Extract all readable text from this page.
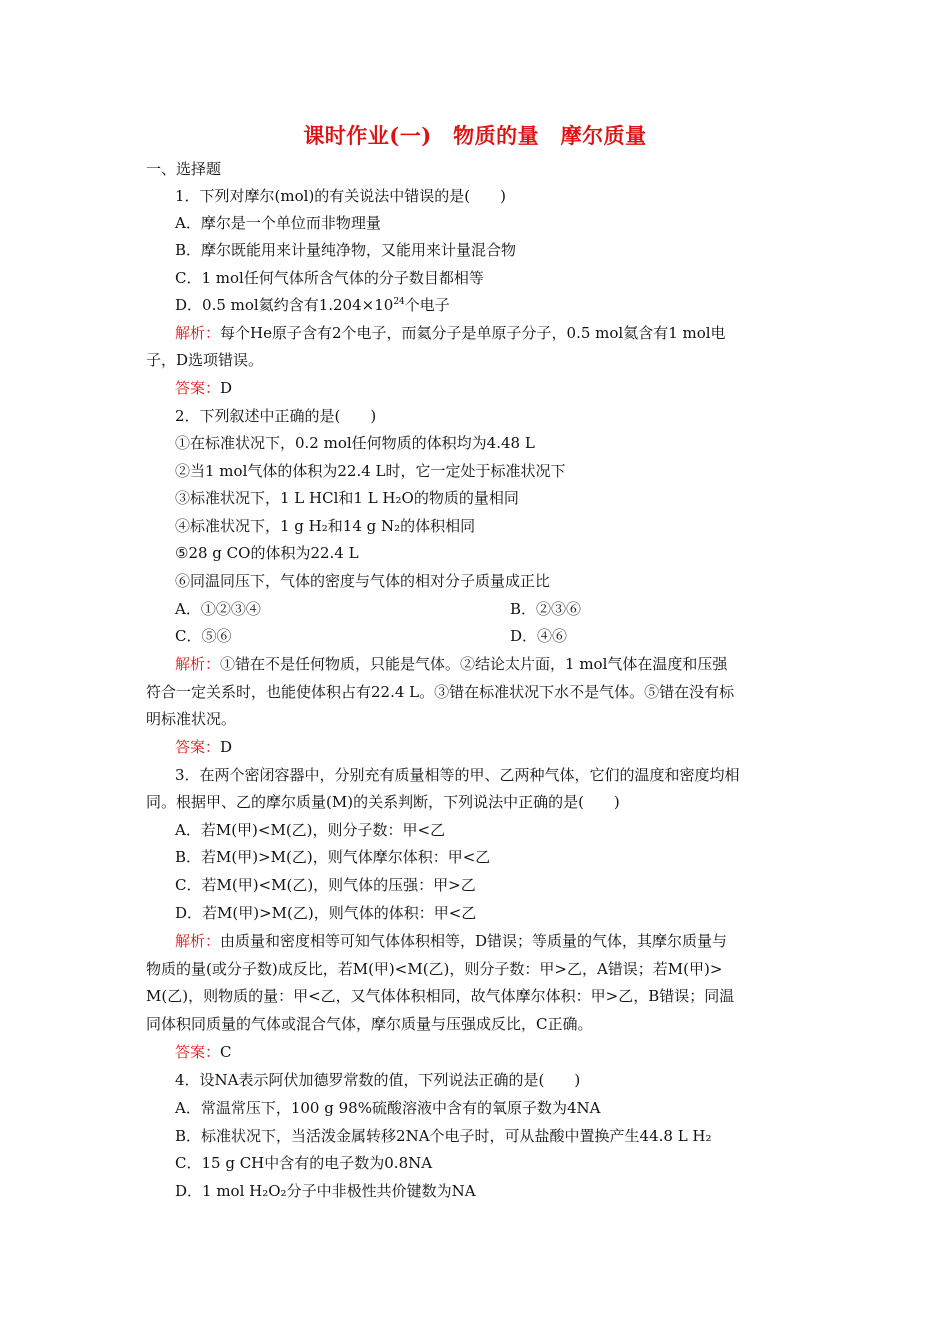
课时作业(一)　物质的量　摩尔质量
一、选择题
1．下列对摩尔(mol)的有关说法中错误的是(　　)
A．摩尔是一个单位而非物理量
B．摩尔既能用来计量纯净物，又能用来计量混合物
C．1 mol任何气体所含气体的分子数目都相等
D．0.5 mol氦约含有$1.204\times 10^{24}$个电子
解析：每个He原子含有2个电子，而氦分子是单原子分子，0.5 mol氦含有1 mol电
子，D选项错误。
答案：D
2．下列叙述中正确的是(　　)
①在标准状况下，0.2 mol任何物质的体积均为4.48 L
②当1 mol气体的体积为22.4 L时，它一定处于标准状况下
③标准状况下，1 L HCl和1 L H₂O的物质的量相同
④标准状况下，1 g H₂和14 g N₂的体积相同
⑤28 g CO的体积为22.4 L
⑥同温同压下，气体的密度与气体的相对分子质量成正比
A．①②③④	B．②③⑥
C．⑤⑥	D．④⑥
解析：①错在不是任何物质，只能是气体。②结论太片面，1 mol气体在温度和压强
符合一定关系时，也能使体积占有22.4 L。③错在标准状况下水不是气体。⑤错在没有标
明标准状况。
答案：D
3．在两个密闭容器中，分别充有质量相等的甲、乙两种气体，它们的温度和密度均相
同。根据甲、乙的摩尔质量(M)的关系判断，下列说法中正确的是(　　)
A．若M(甲)<M(乙)，则分子数：甲<乙
B．若M(甲)>M(乙)，则气体摩尔体积：甲<乙
C．若M(甲)<M(乙)，则气体的压强：甲>乙
D．若M(甲)>M(乙)，则气体的体积：甲<乙
解析：由质量和密度相等可知气体体积相等，D错误；等质量的气体，其摩尔质量与
物质的量(或分子数)成反比，若M(甲)<M(乙)，则分子数：甲>乙，A错误；若M(甲)>
M(乙)，则物质的量：甲<乙，又气体体积相同，故气体摩尔体积：甲>乙，B错误；同温
同体积同质量的气体或混合气体，摩尔质量与压强成反比，C正确。
答案：C
4．设NA表示阿伏加德罗常数的值，下列说法正确的是(　　)
A．常温常压下，100 g 98%硫酸溶液中含有的氧原子数为4NA
B．标准状况下，当活泼金属转移2NA个电子时，可从盐酸中置换产生44.8 L H₂
C．15 g CH中含有的电子数为0.8NA
D．1 mol H₂O₂分子中非极性共价键数为NA
